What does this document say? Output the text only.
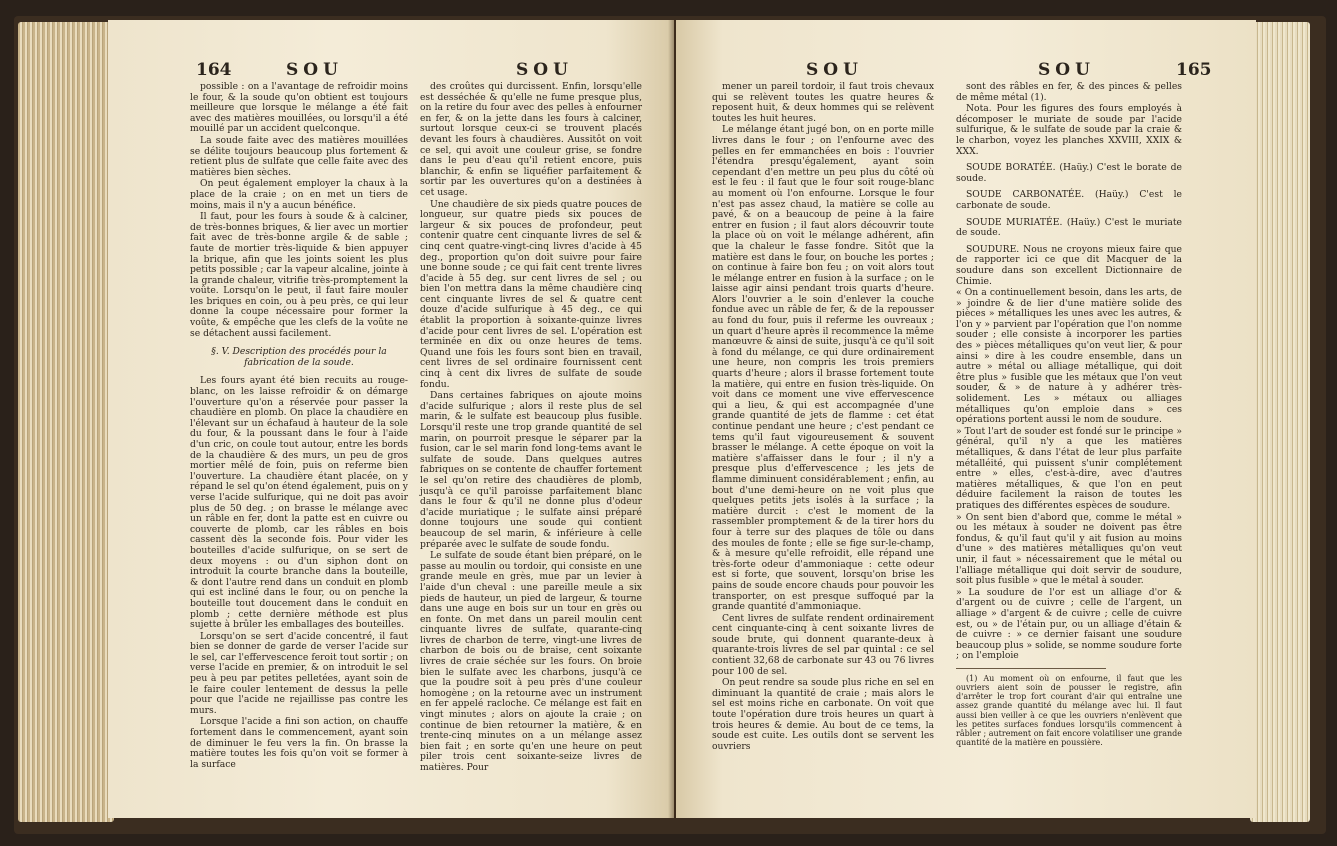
164	SOU	SOU

possible : on a l'avantage de refroidir moins le four, & la soude qu'on obtient est toujours meilleure que lorsque le mélange a été fait avec des matières mouillées, ou lorsqu'il a été mouillé par un accident quelconque.

La soude faite avec des matières mouillées se délite toujours beaucoup plus fortement & retient plus de sulfate que celle faite avec des matières bien sèches.

On peut également employer la chaux à la place de la craie ; on en met un tiers de moins, mais il n'y a aucun bénéfice.

Il faut, pour les fours à soude & à calciner, de très-bonnes briques, & lier avec un mortier fait avec de très-bonne argile & de sable ; faute de mortier très-liquide & bien appuyer la brique, afin que les joints soient les plus petits possible ; car la vapeur alcaline, jointe à la grande chaleur, vitrifie très-promptement la voûte. Lorsqu'on le peut, il faut faire mouler les briques en coin, ou à peu près, ce qui leur donne la coupe nécessaire pour former la voûte, & empêche que les clefs de la voûte ne se détachent aussi facilement.

§. V. Description des procédés pour la fabrication de la soude.

Les fours ayant été bien recuits au rouge-blanc, on les laisse refroidir & on démarge l'ouverture qu'on a réservée pour passer la chaudière en plomb. On place la chaudière en l'élevant sur un échafaud à hauteur de la sole du four, & la poussant dans le four à l'aide d'un cric, on coule tout autour, entre les bords de la chaudière & des murs, un peu de gros mortier mêlé de foin, puis on referme bien l'ouverture. La chaudière étant placée, on y répand le sel qu'on étend également, puis on y verse l'acide sulfurique, qui ne doit pas avoir plus de 50 deg. ; on brasse le mélange avec un râble en fer, dont la patte est en cuivre ou couverte de plomb, car les râbles en bois cassent dès la seconde fois. Pour vider les bouteilles d'acide sulfurique, on se sert de deux moyens : ou d'un siphon dont on introduit la courte branche dans la bouteille, & dont l'autre rend dans un conduit en plomb qui est incliné dans le four, ou on penche la bouteille tout doucement dans le conduit en plomb ; cette dernière méthode est plus sujette à brûler les emballages des bouteilles.

Lorsqu'on se sert d'acide concentré, il faut bien se donner de garde de verser l'acide sur le sel, car l'effervescence feroit tout sortir ; on verse l'acide en premier, & on introduit le sel peu à peu par petites pelletées, ayant soin de le faire couler lentement de dessus la pelle pour que l'acide ne rejaillisse pas contre les murs.

Lorsque l'acide a fini son action, on chauffe fortement dans le commencement, ayant soin de diminuer le feu vers la fin. On brasse la matière toutes les fois qu'on voit se former à la surface

des croûtes qui durcissent. Enfin, lorsqu'elle est desséchée & qu'elle ne fume presque plus, on la retire du four avec des pelles à enfourner en fer, & on la jette dans les fours à calciner, surtout lorsque ceux-ci se trouvent placés devant les fours à chaudières. Aussitôt on voit ce sel, qui avoit une couleur grise, se fondre dans le peu d'eau qu'il retient encore, puis blanchir, & enfin se liquéfier parfaitement & sortir par les ouvertures qu'on a destinées à cet usage.

Une chaudière de six pieds quatre pouces de longueur, sur quatre pieds six pouces de largeur & six pouces de profondeur, peut contenir quatre cent cinquante livres de sel & cinq cent quatre-vingt-cinq livres d'acide à 45 deg., proportion qu'on doit suivre pour faire une bonne soude ; ce qui fait cent trente livres d'acide à 55 deg. sur cent livres de sel ; ou bien l'on mettra dans la même chaudière cinq cent cinquante livres de sel & quatre cent douze d'acide sulfurique à 45 deg., ce qui établit la proportion à soixante-quinze livres d'acide pour cent livres de sel. L'opération est terminée en dix ou onze heures de tems. Quand une fois les fours sont bien en travail, cent livres de sel ordinaire fournissent cent cinq à cent dix livres de sulfate de soude fondu.

Dans certaines fabriques on ajoute moins d'acide sulfurique ; alors il reste plus de sel marin, & le sulfate est beaucoup plus fusible. Lorsqu'il reste une trop grande quantité de sel marin, on pourroit presque le séparer par la fusion, car le sel marin fond long-tems avant le sulfate de soude. Dans quelques autres fabriques on se contente de chauffer fortement le sel qu'on retire des chaudières de plomb, jusqu'à ce qu'il paroisse parfaitement blanc dans le four & qu'il ne donne plus d'odeur d'acide muriatique ; le sulfate ainsi préparé donne toujours une soude qui contient beaucoup de sel marin, & inférieure à celle préparée avec le sulfate de soude fondu.

Le sulfate de soude étant bien préparé, on le passe au moulin ou tordoir, qui consiste en une grande meule en grès, mue par un levier à l'aide d'un cheval : une pareille meule a six pieds de hauteur, un pied de largeur, & tourne dans une auge en bois sur un tour en grès ou en fonte. On met dans un pareil moulin cent cinquante livres de sulfate, quarante-cinq livres de charbon de terre, vingt-une livres de charbon de bois ou de braise, cent soixante livres de craie séchée sur les fours. On broie bien le sulfate avec les charbons, jusqu'à ce que la poudre soit à peu près d'une couleur homogène ; on la retourne avec un instrument en fer appelé racloche. Ce mélange est fait en vingt minutes ; alors on ajoute la craie ; on continue de bien retourner la matière, & en trente-cinq minutes on a un mélange assez bien fait ; en sorte qu'en une heure on peut piler trois cent soixante-seize livres de matières. Pour

SOU	SOU	165

mener un pareil tordoir, il faut trois chevaux qui se relèvent toutes les quatre heures & reposent huit, & deux hommes qui se relèvent toutes les huit heures.

Le mélange étant jugé bon, on en porte mille livres dans le four ; on l'enfourne avec des pelles en fer emmanchées en bois : l'ouvrier l'étendra presqu'également, ayant soin cependant d'en mettre un peu plus du côté où est le feu : il faut que le four soit rouge-blanc au moment où l'on enfourne. Lorsque le four n'est pas assez chaud, la matière se colle au pavé, & on a beaucoup de peine à la faire entrer en fusion ; il faut alors découvrir toute la place où on voit le mélange adhérent, afin que la chaleur le fasse fondre. Sitôt que la matière est dans le four, on bouche les portes ; on continue à faire bon feu ; on voit alors tout le mélange entrer en fusion à la surface ; on le laisse agir ainsi pendant trois quarts d'heure. Alors l'ouvrier a le soin d'enlever la couche fondue avec un râble de fer, & de la repousser au fond du four, puis il referme les ouvreaux ; un quart d'heure après il recommence la même manœuvre & ainsi de suite, jusqu'à ce qu'il soit à fond du mélange, ce qui dure ordinairement une heure, non compris les trois premiers quarts d'heure ; alors il brasse fortement toute la matière, qui entre en fusion très-liquide. On voit dans ce moment une vive effervescence qui a lieu, & qui est accompagnée d'une grande quantité de jets de flamme : cet état continue pendant une heure ; c'est pendant ce tems qu'il faut vigoureusement & souvent brasser le mélange. A cette époque on voit la matière s'affaisser dans le four ; il n'y a presque plus d'effervescence ; les jets de flamme diminuent considérablement ; enfin, au bout d'une demi-heure on ne voit plus que quelques petits jets isolés à la surface ; la matière durcit : c'est le moment de la rassembler promptement & de la tirer hors du four à terre sur des plaques de tôle ou dans des moules de fonte ; elle se fige sur-le-champ, & à mesure qu'elle refroidit, elle répand une très-forte odeur d'ammoniaque : cette odeur est si forte, que souvent, lorsqu'on brise les pains de soude encore chauds pour pouvoir les transporter, on est presque suffoqué par la grande quantité d'ammoniaque.

Cent livres de sulfate rendent ordinairement cent cinquante-cinq à cent soixante livres de soude brute, qui donnent quarante-deux à quarante-trois livres de sel par quintal : ce sel contient 32,68 de carbonate sur 43 ou 76 livres pour 100 de sel.

On peut rendre sa soude plus riche en sel en diminuant la quantité de craie ; mais alors le sel est moins riche en carbonate. On voit que toute l'opération dure trois heures un quart à trois heures & demie. Au bout de ce tems, la soude est cuite. Les outils dont se servent les ouvriers

sont des râbles en fer, & des pinces & pelles de même métal (1).

Nota. Pour les figures des fours employés à décomposer le muriate de soude par l'acide sulfurique, & le sulfate de soude par la craie & le charbon, voyez les planches XXVIII, XXIX & XXX.

SOUDE BORATÉE. (Haüy.) C'est le borate de soude.

SOUDE CARBONATÉE. (Haüy.) C'est le carbonate de soude.

SOUDE MURIATÉE. (Haüy.) C'est le muriate de soude.

SOUDURE. Nous ne croyons mieux faire que de rapporter ici ce que dit Macquer de la soudure dans son excellent Dictionnaire de Chimie.

« On a continuellement besoin, dans les arts, de » joindre & de lier d'une matière solide des pièces » métalliques les unes avec les autres, & l'on y » parvient par l'opération que l'on nomme souder ; elle consiste à incorporer les parties des » pièces métalliques qu'on veut lier, & pour ainsi » dire à les coudre ensemble, dans un autre » métal ou alliage métallique, qui doit être plus » fusible que les métaux que l'on veut souder, & » de nature à y adhérer très-solidement. Les » métaux ou alliages métalliques qu'on emploie dans » ces opérations portent aussi le nom de soudure.

» Tout l'art de souder est fondé sur le principe » général, qu'il n'y a que les matières métalliques, & dans l'état de leur plus parfaite métalléité, qui puissent s'unir complétement entre » elles, c'est-à-dire, avec d'autres matières métalliques, & que l'on en peut déduire facilement la raison de toutes les pratiques des différentes espèces de soudure.

» On sent bien d'abord que, comme le métal » ou les métaux à souder ne doivent pas être fondus, & qu'il faut qu'il y ait fusion au moins d'une » des matières métalliques qu'on veut unir, il faut » nécessairement que le métal ou l'alliage métallique qui doit servir de soudure, soit plus fusible » que le métal à souder.

» La soudure de l'or est un alliage d'or & d'argent ou de cuivre ; celle de l'argent, un alliage » d'argent & de cuivre ; celle de cuivre est, ou » de l'étain pur, ou un alliage d'étain & de cuivre : » ce dernier faisant une soudure beaucoup plus » solide, se nomme soudure forte ; on l'emploie

(1) Au moment où on enfourne, il faut que les ouvriers aient soin de pousser le registre, afin d'arrêter le trop fort courant d'air qui entraîne une assez grande quantité du mélange avec lui. Il faut aussi bien veiller à ce que les ouvriers n'enlèvent que les petites surfaces fondues lorsqu'ils commencent à râbler ; autrement on fait encore volatiliser une grande quantité de la matière en poussière.
